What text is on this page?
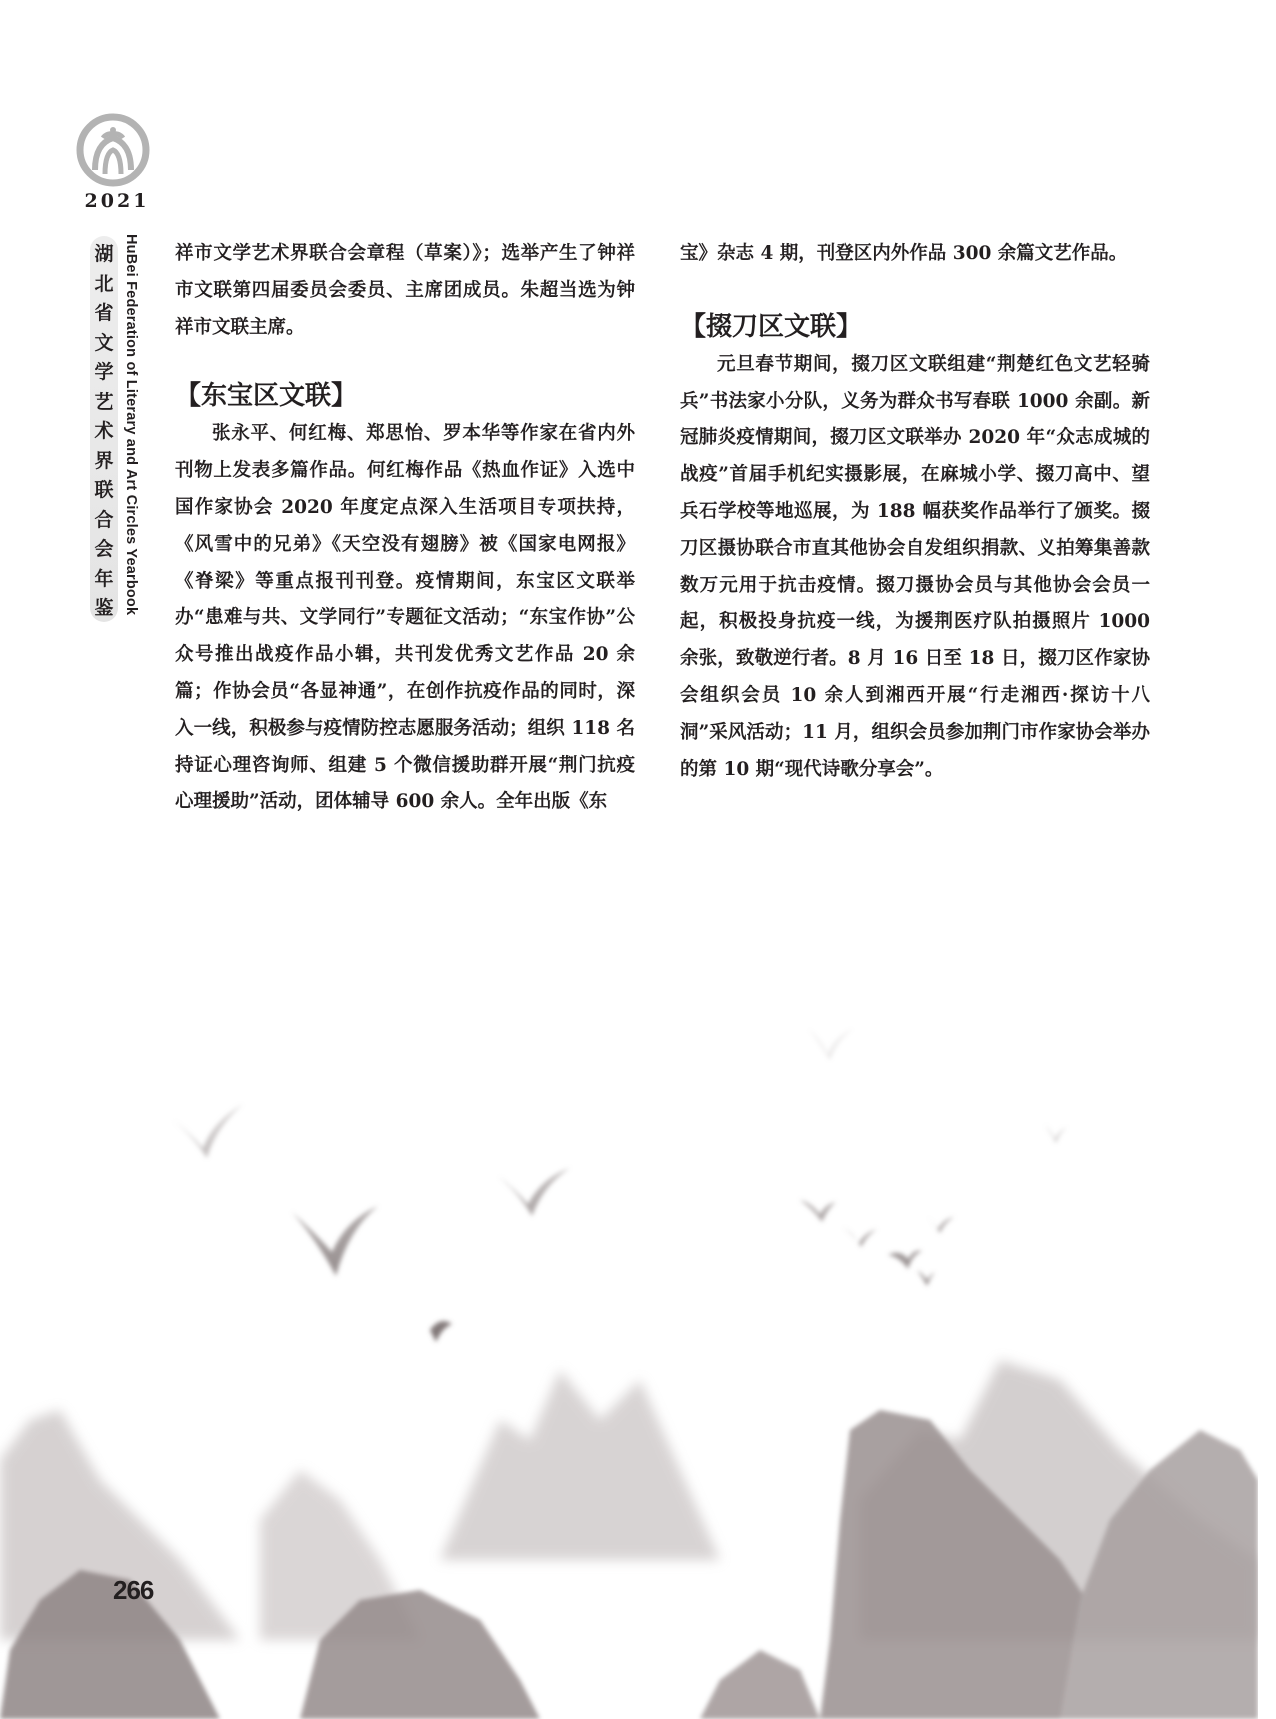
2021
湖
北
省
文
学
艺
术
界
联
合
会
年
鉴 HuBei Federation of Literary and Art Circles Yearbook 祥市文学艺术界联合会章程（草案）》；选举产生了钟祥市文联第四届委员会委员、主席团成员。朱超当选为钟祥市文联主席。

【东宝区文联】

张永平、何红梅、郑思怡、罗本华等作家在省内外刊物上发表多篇作品。何红梅作品《热血作证》入选中国作家协会 2020 年度定点深入生活项目专项扶持，《风雪中的兄弟》《天空没有翅膀》被《国家电网报》《脊梁》等重点报刊刊登。疫情期间，东宝区文联举办“患难与共、文学同行”专题征文活动；“东宝作协”公众号推出战疫作品小辑，共刊发优秀文艺作品 20 余篇；作协会员“各显神通”，在创作抗疫作品的同时，深入一线，积极参与疫情防控志愿服务活动；组织 118 名持证心理咨询师、组建 5 个微信援助群开展“荆门抗疫心理援助”活动，团体辅导 600 余人。全年出版《东

宝》杂志 4 期，刊登区内外作品 300 余篇文艺作品。

【掇刀区文联】

元旦春节期间，掇刀区文联组建“荆楚红色文艺轻骑兵”书法家小分队，义务为群众书写春联 1000 余副。新冠肺炎疫情期间，掇刀区文联举办 2020 年“众志成城的战疫”首届手机纪实摄影展，在麻城小学、掇刀高中、望兵石学校等地巡展，为 188 幅获奖作品举行了颁奖。掇刀区摄协联合市直其他协会自发组织捐款、义拍筹集善款数万元用于抗击疫情。掇刀摄协会员与其他协会会员一起，积极投身抗疫一线，为援荆医疗队拍摄照片 1000 余张，致敬逆行者。8 月 16 日至 18 日，掇刀区作家协会组织会员 10 余人到湘西开展“行走湘西·探访十八洞”采风活动；11 月，组织会员参加荆门市作家协会举办的第 10 期“现代诗歌分享会”。

266
